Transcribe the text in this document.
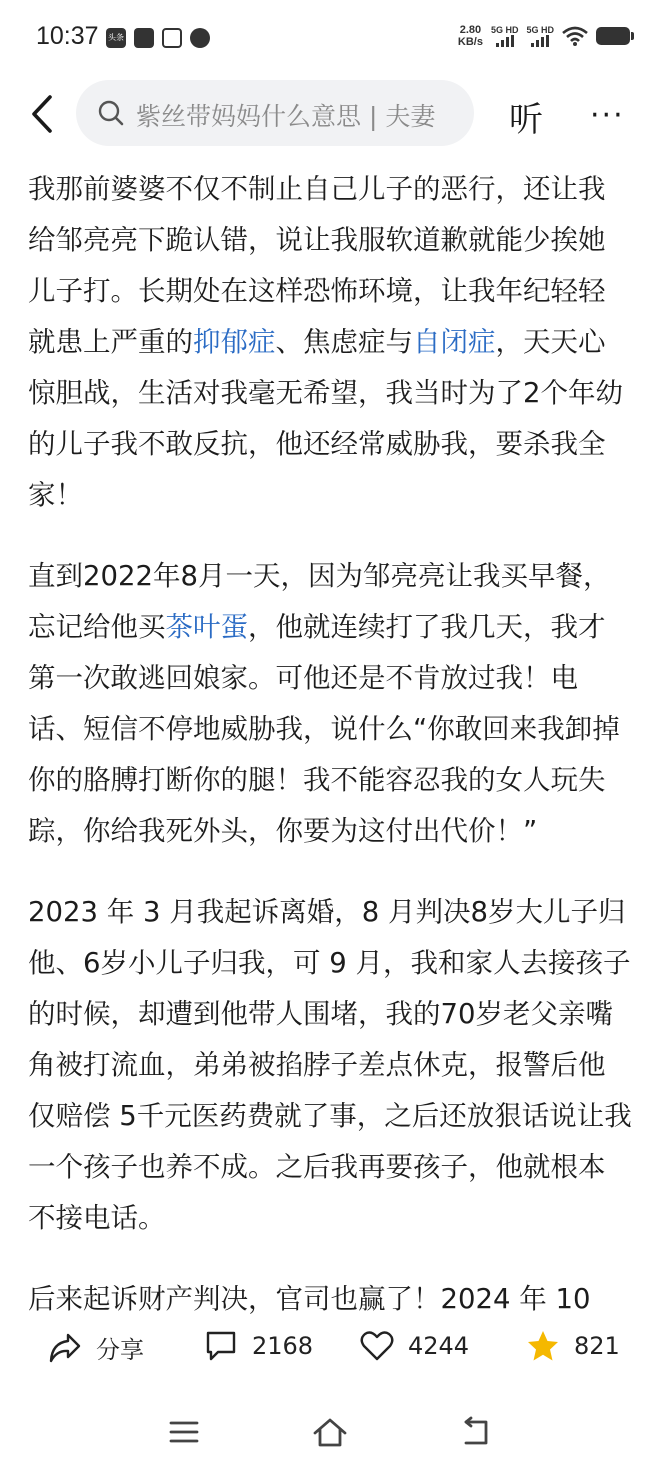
10:37 头条
2.80
KB/s
5G HD 5G HD
紫丝带妈妈什么意思 | 夫妻 听 ···

我那前婆婆不仅不制止自己儿子的恶行，还让我给邹亮亮下跪认错，说让我服软道歉就能少挨她儿子打。长期处在这样恐怖环境，让我年纪轻轻就患上严重的抑郁症、焦虑症与自闭症，天天心惊胆战，生活对我毫无希望，我当时为了2个年幼的儿子我不敢反抗，他还经常威胁我，要杀我全家！

直到2022年8月一天，因为邹亮亮让我买早餐，忘记给他买茶叶蛋，他就连续打了我几天，我才第一次敢逃回娘家。可他还是不肯放过我！电话、短信不停地威胁我，说什么“你敢回来我卸掉你的胳膊打断你的腿！我不能容忍我的女人玩失踪，你给我死外头，你要为这付出代价！”

2023 年 3 月我起诉离婚，8 月判决8岁大儿子归他、6岁小儿子归我，可 9 月，我和家人去接孩子的时候，却遭到他带人围堵，我的70岁老父亲嘴角被打流血，弟弟被掐脖子差点休克，报警后他仅赔偿 5千元医药费就了事，之后还放狠话说让我一个孩子也养不成。之后我再要孩子，他就根本不接电话。

后来起诉财产判决，官司也赢了！2024 年 10

分享	2168	4244	821
